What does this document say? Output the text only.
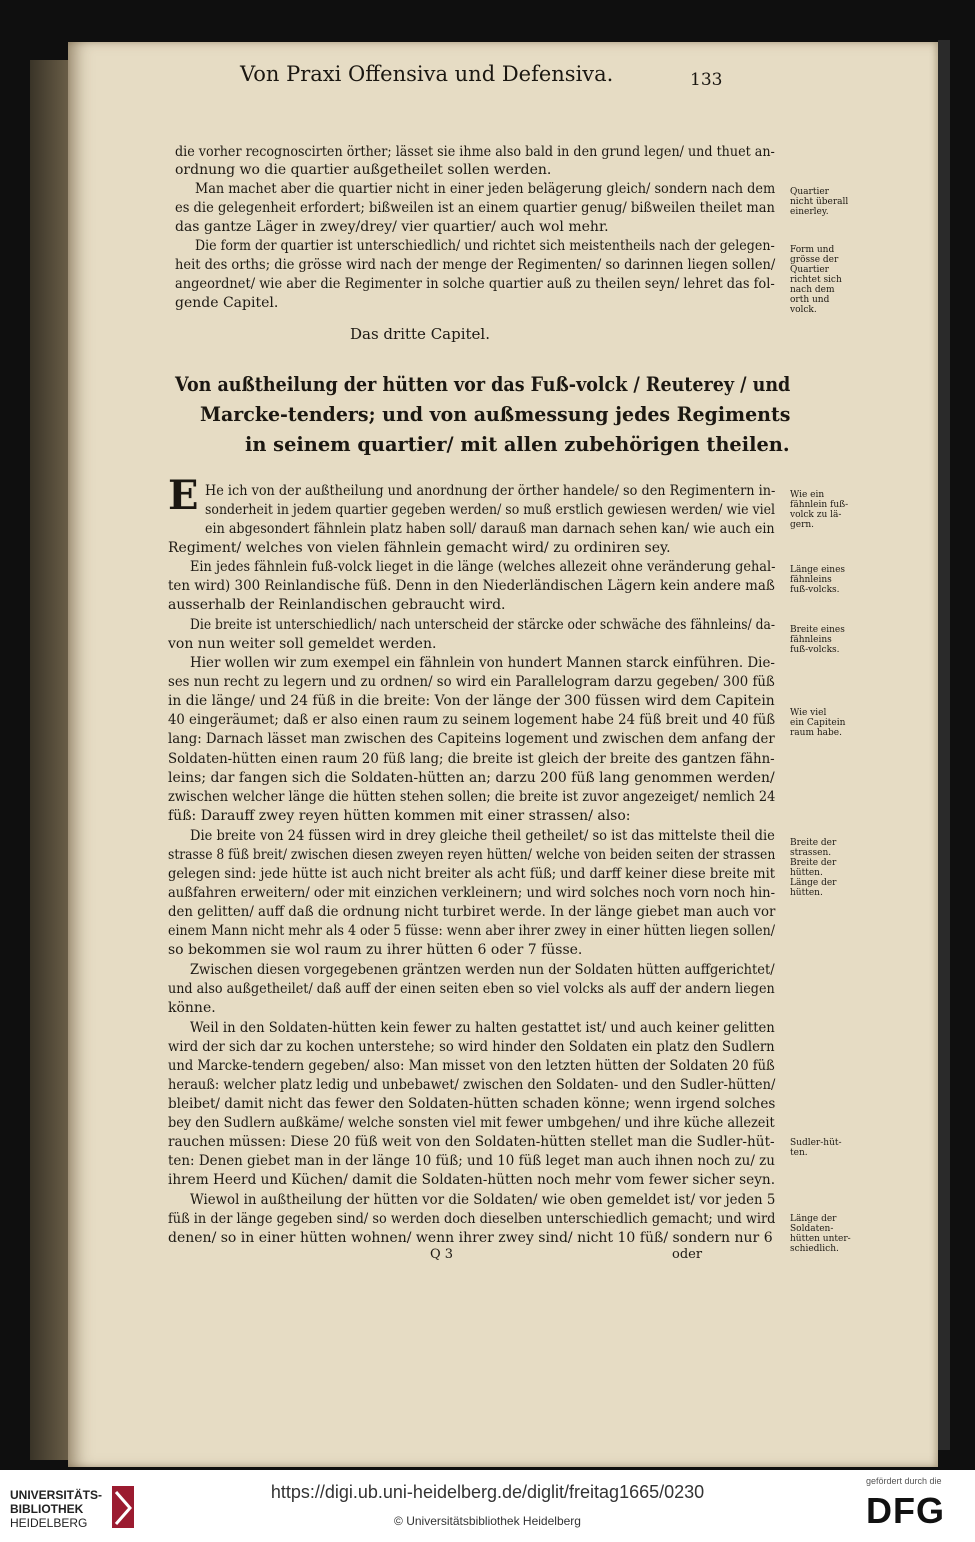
Von Praxi Offensiva und Defensiva.	133
die vorher recognoscirten örther; lässet sie ihme also bald in den grund legen/ und thuet an-
ordnung wo die quartier außgetheilet sollen werden.
Man machet aber die quartier nicht in einer jeden belägerung gleich/ sondern nach dem
es die gelegenheit erfordert; bißweilen ist an einem quartier genug/ bißweilen theilet man
das gantze Läger in zwey/drey/ vier quartier/ auch wol mehr.
Die form der quartier ist unterschiedlich/ und richtet sich meistentheils nach der gelegen-
heit des orths; die grösse wird nach der menge der Regimenten/ so darinnen liegen sollen/
angeordnet/ wie aber die Regimenter in solche quartier auß zu theilen seyn/ lehret das fol-
gende Capitel.
Das dritte Capitel.
Von außtheilung der hütten vor das Fuß-volck / Reuterey / und
Marcke-tenders; und von außmessung jedes Regiments
in seinem quartier/ mit allen zubehörigen theilen.
E He ich von der außtheilung und anordnung der örther handele/ so den Regimentern in-
sonderheit in jedem quartier gegeben werden/ so muß erstlich gewiesen werden/ wie viel
ein abgesondert fähnlein platz haben soll/ darauß man darnach sehen kan/ wie auch ein
Regiment/ welches von vielen fähnlein gemacht wird/ zu ordiniren sey.
Ein jedes fähnlein fuß-volck lieget in die länge (welches allezeit ohne veränderung gehal-
ten wird) 300 Reinlandische füß. Denn in den Niederländischen Lägern kein andere maß
ausserhalb der Reinlandischen gebraucht wird.
Die breite ist unterschiedlich/ nach unterscheid der stärcke oder schwäche des fähnleins/ da-
von nun weiter soll gemeldet werden.
Hier wollen wir zum exempel ein fähnlein von hundert Mannen starck einführen. Die-
ses nun recht zu legern und zu ordnen/ so wird ein Parallelogram darzu gegeben/ 300 füß
in die länge/ und 24 füß in die breite: Von der länge der 300 füssen wird dem Capitein
40 eingeräumet; daß er also einen raum zu seinem logement habe 24 füß breit und 40 füß
lang: Darnach lässet man zwischen des Capiteins logement und zwischen dem anfang der
Soldaten-hütten einen raum 20 füß lang; die breite ist gleich der breite des gantzen fähn-
leins; dar fangen sich die Soldaten-hütten an; darzu 200 füß lang genommen werden/
zwischen welcher länge die hütten stehen sollen; die breite ist zuvor angezeiget/ nemlich 24
füß: Darauff zwey reyen hütten kommen mit einer strassen/ also:
Die breite von 24 füssen wird in drey gleiche theil getheilet/ so ist das mittelste theil die
strasse 8 füß breit/ zwischen diesen zweyen reyen hütten/ welche von beiden seiten der strassen
gelegen sind: jede hütte ist auch nicht breiter als acht füß; und darff keiner diese breite mit
außfahren erweitern/ oder mit einzichen verkleinern; und wird solches noch vorn noch hin-
den gelitten/ auff daß die ordnung nicht turbiret werde. In der länge giebet man auch vor
einem Mann nicht mehr als 4 oder 5 füsse: wenn aber ihrer zwey in einer hütten liegen sollen/
so bekommen sie wol raum zu ihrer hütten 6 oder 7 füsse.
Zwischen diesen vorgegebenen gräntzen werden nun der Soldaten hütten auffgerichtet/
und also außgetheilet/ daß auff der einen seiten eben so viel volcks als auff der andern liegen
könne.
Weil in den Soldaten-hütten kein fewer zu halten gestattet ist/ und auch keiner gelitten
wird der sich dar zu kochen unterstehe; so wird hinder den Soldaten ein platz den Sudlern
und Marcke-tendern gegeben/ also: Man misset von den letzten hütten der Soldaten 20 füß
herauß: welcher platz ledig und unbebawet/ zwischen den Soldaten- und den Sudler-hütten/
bleibet/ damit nicht das fewer den Soldaten-hütten schaden könne; wenn irgend solches
bey den Sudlern außkäme/ welche sonsten viel mit fewer umbgehen/ und ihre küche allezeit
rauchen müssen: Diese 20 füß weit von den Soldaten-hütten stellet man die Sudler-hüt-
ten: Denen giebet man in der länge 10 füß; und 10 füß leget man auch ihnen noch zu/ zu
ihrem Heerd und Küchen/ damit die Soldaten-hütten noch mehr vom fewer sicher seyn.
Wiewol in außtheilung der hütten vor die Soldaten/ wie oben gemeldet ist/ vor jeden 5
füß in der länge gegeben sind/ so werden doch dieselben unterschiedlich gemacht; und wird
denen/ so in einer hütten wohnen/ wenn ihrer zwey sind/ nicht 10 füß/ sondern nur 6
Q 3	oder
Quartier
nicht überall
einerley.
Form und
grösse der
Quartier
richtet sich
nach dem
orth und
volck.
Wie ein
fähnlein fuß-
volck zu lä-
gern.
Länge eines
fähnleins
fuß-volcks.
Breite eines
fähnleins
fuß-volcks.
Wie viel
ein Capitein
raum habe.
Breite der
strassen.
Breite der
hütten.
Länge der
hütten.
Sudler-hüt-
ten.
Länge der
Soldaten-
hütten unter-
schiedlich.
UNIVERSITÄTS-
BIBLIOTHEK
HEIDELBERG
https://digi.ub.uni-heidelberg.de/diglit/freitag1665/0230
© Universitätsbibliothek Heidelberg
gefördert durch die
DFG
